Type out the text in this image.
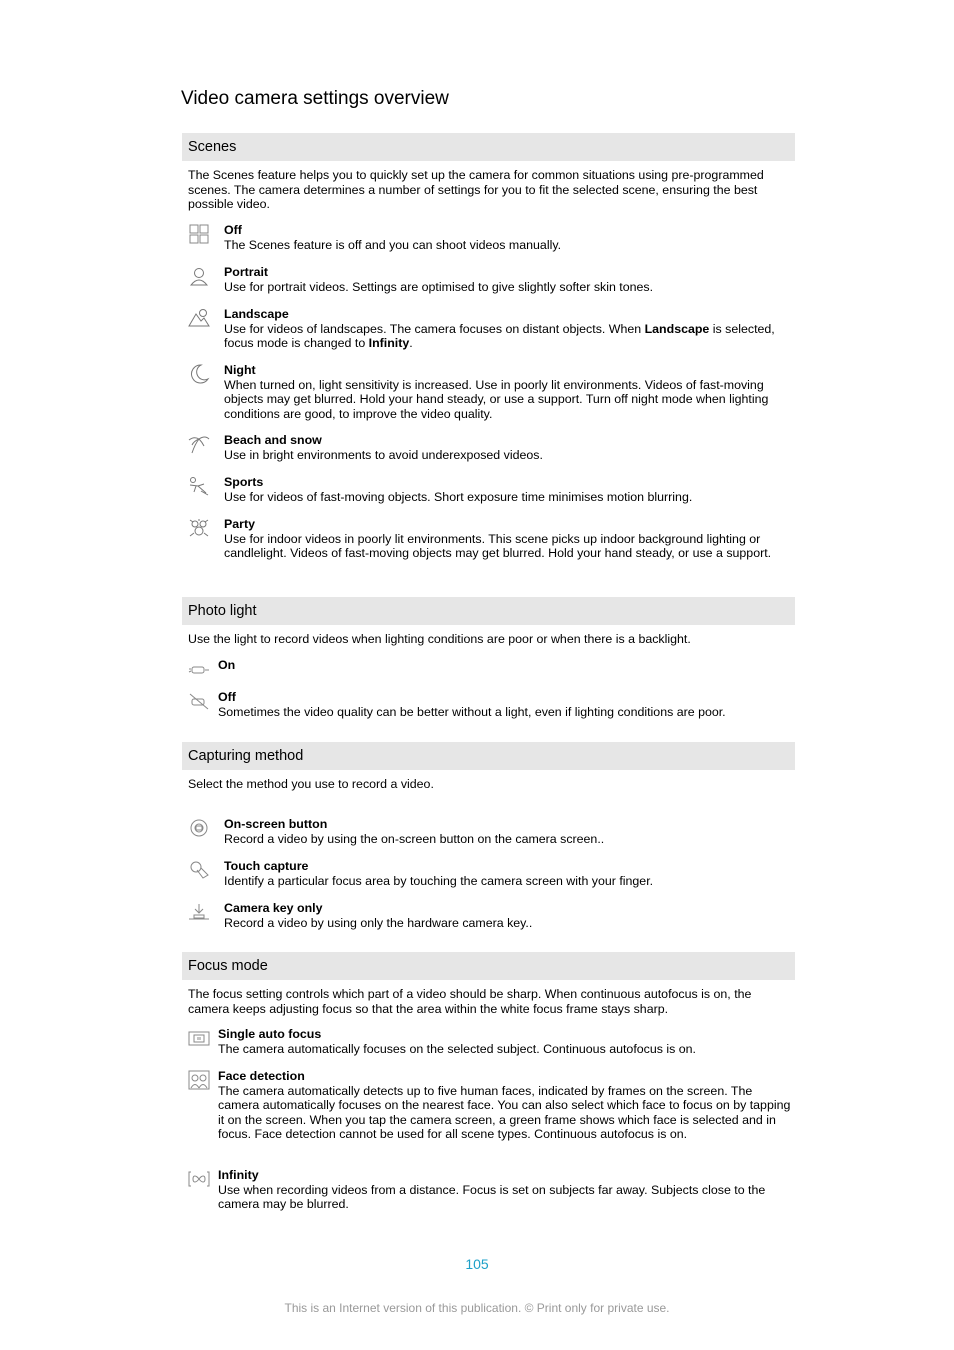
Video camera settings overview
Scenes
The Scenes feature helps you to quickly set up the camera for common situations using pre-programmed scenes. The camera determines a number of settings for you to fit the selected scene, ensuring the best possible video.
Off
The Scenes feature is off and you can shoot videos manually.
Portrait
Use for portrait videos. Settings are optimised to give slightly softer skin tones.
Landscape
Use for videos of landscapes. The camera focuses on distant objects. When Landscape is selected, focus mode is changed to Infinity.
Night
When turned on, light sensitivity is increased. Use in poorly lit environments. Videos of fast-moving objects may get blurred. Hold your hand steady, or use a support. Turn off night mode when lighting conditions are good, to improve the video quality.
Beach and snow
Use in bright environments to avoid underexposed videos.
Sports
Use for videos of fast-moving objects. Short exposure time minimises motion blurring.
Party
Use for indoor videos in poorly lit environments. This scene picks up indoor background lighting or candlelight. Videos of fast-moving objects may get blurred. Hold your hand steady, or use a support.
Photo light
Use the light to record videos when lighting conditions are poor or when there is a backlight.
On
Off
Sometimes the video quality can be better without a light, even if lighting conditions are poor.
Capturing method
Select the method you use to record a video.
On-screen button
Record a video by using the on-screen button on the camera screen..
Touch capture
Identify a particular focus area by touching the camera screen with your finger.
Camera key only
Record a video by using only the hardware camera key..
Focus mode
The focus setting controls which part of a video should be sharp. When continuous autofocus is on, the camera keeps adjusting focus so that the area within the white focus frame stays sharp.
Single auto focus
The camera automatically focuses on the selected subject. Continuous autofocus is on.
Face detection
The camera automatically detects up to five human faces, indicated by frames on the screen. The camera automatically focuses on the nearest face. You can also select which face to focus on by tapping it on the screen. When you tap the camera screen, a green frame shows which face is selected and in focus. Face detection cannot be used for all scene types. Continuous autofocus is on.
Infinity
Use when recording videos from a distance. Focus is set on subjects far away. Subjects close to the camera may be blurred.
105
This is an Internet version of this publication. © Print only for private use.
